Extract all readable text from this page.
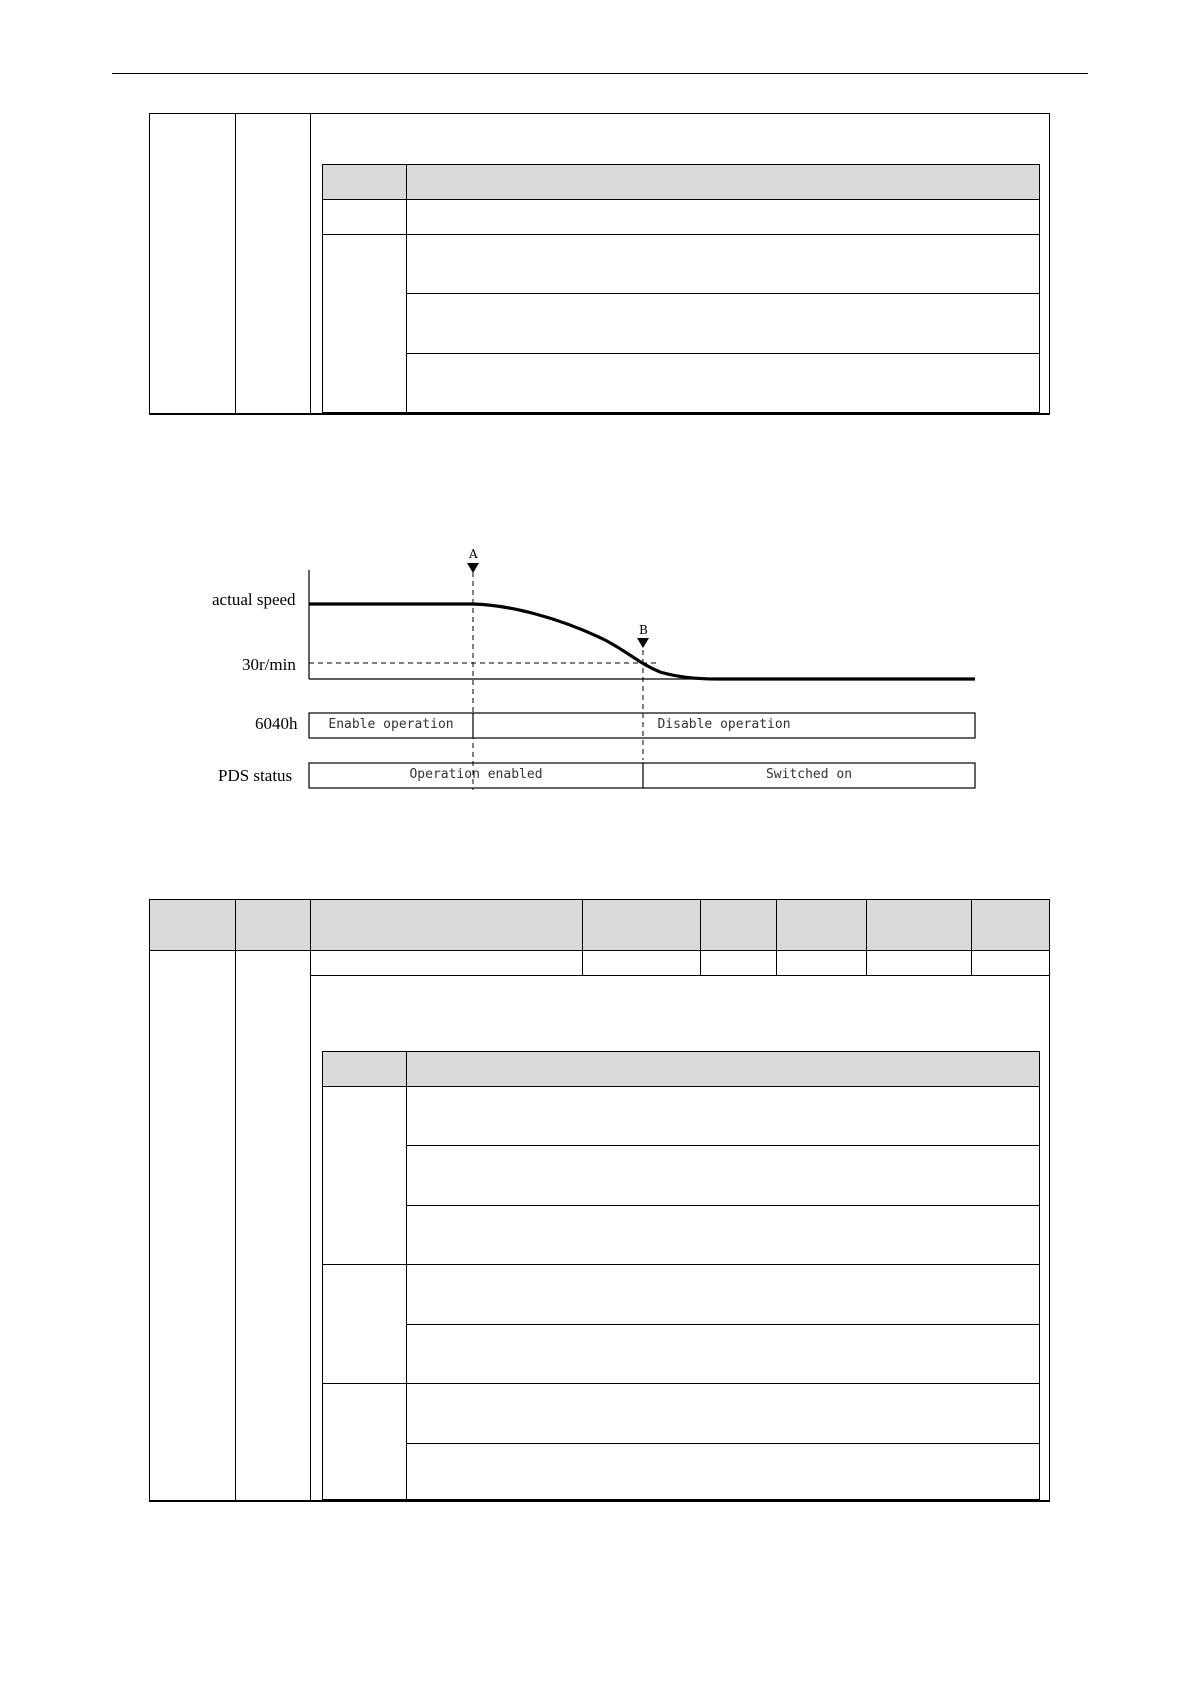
actual speed
30r/min
6040h
PDS status
A
B
Enable operation	Disable operation
Operation enabled	Switched on
